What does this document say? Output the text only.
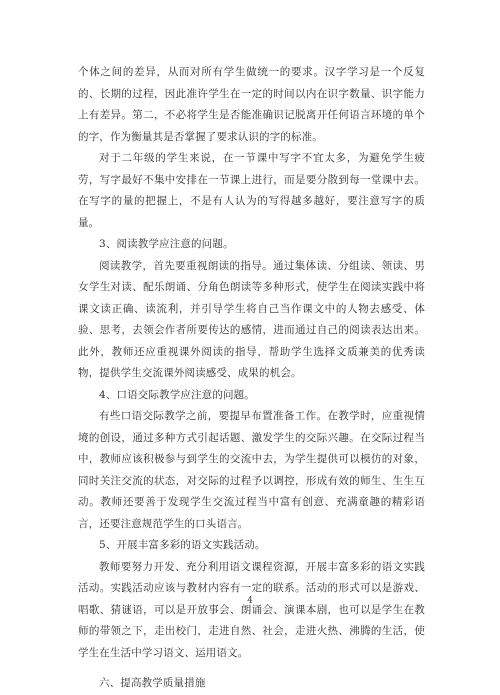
个体之间的差异，从而对所有学生做统一的要求。汉字学习是一个反复的、长期的过程，因此准许学生在一定的时间以内在识字数量、识字能力上有差异。第二，不必将学生是否能准确识记脱离开任何语言环境的单个的字，作为衡量其是否掌握了要求认识的字的标准。

对于二年级的学生来说，在一节课中写字不宜太多，为避免学生疲劳，写字最好不集中安排在一节课上进行，而是要分散到每一堂课中去。在写字的量的把握上，不是有人认为的写得越多越好，要注意写字的质量。

3、阅读教学应注意的问题。

阅读教学，首先要重视朗读的指导。通过集体读、分组读、领读、男女学生对读、配乐朗诵、分角色朗读等多种形式，使学生在阅读实践中将课文读正确、读流利，并引导学生将自己当作课文中的人物去感受、体验、思考，去领会作者所要传达的感情，进而通过自己的阅读表达出来。此外，教师还应重视课外阅读的指导，帮助学生选择文质兼美的优秀读物，提供学生交流课外阅读感受、成果的机会。

4、口语交际教学应注意的问题。

有些口语交际教学之前，要提早布置准备工作。在教学时，应重视情境的创设，通过多种方式引起话题、激发学生的交际兴趣。在交际过程当中，教师应该积极参与到学生的交流中去，为学生提供可以模仿的对象，同时关注交流的状态，对交际的过程予以调控，形成有效的师生、生生互动。教师还要善于发现学生交流过程当中富有创意、充满童趣的精彩语言，还要注意规范学生的口头语言。

5、开展丰富多彩的语文实践活动。

教师要努力开发、充分利用语文课程资源，开展丰富多彩的语文实践活动。实践活动应该与教材内容有一定的联系。活动的形式可以是游戏、唱歌、猜谜语，可以是开放事会、朗诵会、演课本剧，也可以是学生在教师的带领之下，走出校门，走进自然、社会，走进火热、沸腾的生活，使学生在生活中学习语文、运用语文。

六、提高教学质量措施

4
